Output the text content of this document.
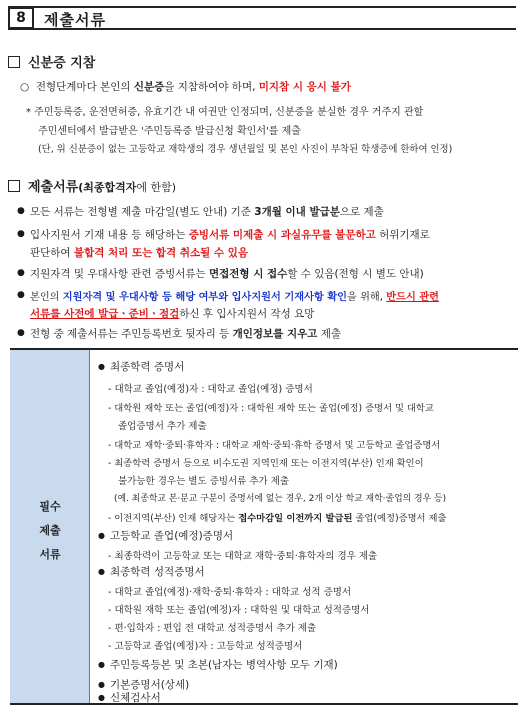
8	제출서류
신분증 지참
○ 전형단계마다 본인의 신분증을 지참하여야 하며, 미지참 시 응시 불가
* 주민등록증, 운전면허증, 유효기간 내 여권만 인정되며, 신분증을 분실한 경우 거주지 관할
주민센터에서 발급받은 '주민등록증 발급신청 확인서'를 제출
(단, 위 신분증이 없는 고등학교 재학생의 경우 생년월일 및 본인 사진이 부착된 학생증에 한하여 인정)
제출서류(최종합격자에 한함)
● 모든 서류는 전형별 제출 마감일(별도 안내) 기준 3개월 이내 발급분으로 제출
● 입사지원서 기재 내용 등 해당하는 증빙서류 미제출 시 과실유무를 불문하고 허위기재로
판단하여 불합격 처리 또는 합격 취소될 수 있음
● 지원자격 및 우대사항 관련 증빙서류는 면접전형 시 접수할 수 있음(전형 시 별도 안내)
● 본인의 지원자격 및 우대사항 등 해당 여부와 입사지원서 기재사항 확인을 위해, 반드시 관련
서류를 사전에 발급ㆍ준비ㆍ점검하신 후 입사지원서 작성 요망
● 전형 중 제출서류는 주민등록번호 뒷자리 등 개인정보를 지우고 제출
필수
제출
서류
● 최종학력 증명서
- 대학교 졸업(예정)자 : 대학교 졸업(예정) 증명서
- 대학원 재학 또는 졸업(예정)자 : 대학원 재학 또는 졸업(예정) 증명서 및 대학교
졸업증명서 추가 제출
- 대학교 재학·중퇴·휴학자 : 대학교 재학·중퇴·휴학 증명서 및 고등학교 졸업증명서
- 최종학력 증명서 등으로 비수도권 지역인재 또는 이전지역(부산) 인재 확인이
불가능한 경우는 별도 증빙서류 추가 제출
(예. 최종학교 본·분교 구분이 증명서에 없는 경우, 2개 이상 학교 재학·졸업의 경우 등)
- 이전지역(부산) 인재 해당자는 접수마감일 이전까지 발급된 졸업(예정)증명서 제출
● 고등학교 졸업(예정)증명서
- 최종학력이 고등학교 또는 대학교 재학·중퇴·휴학자의 경우 제출
● 최종학력 성적증명서
- 대학교 졸업(예정)·재학·중퇴·휴학자 : 대학교 성적 증명서
- 대학원 재학 또는 졸업(예정)자 : 대학원 및 대학교 성적증명서
- 편·입학자 : 편입 전 대학교 성적증명서 추가 제출
- 고등학교 졸업(예정)자 : 고등학교 성적증명서
● 주민등록등본 및 초본(남자는 병역사항 모두 기재)
● 기본증명서(상세)
● 신체검사서
